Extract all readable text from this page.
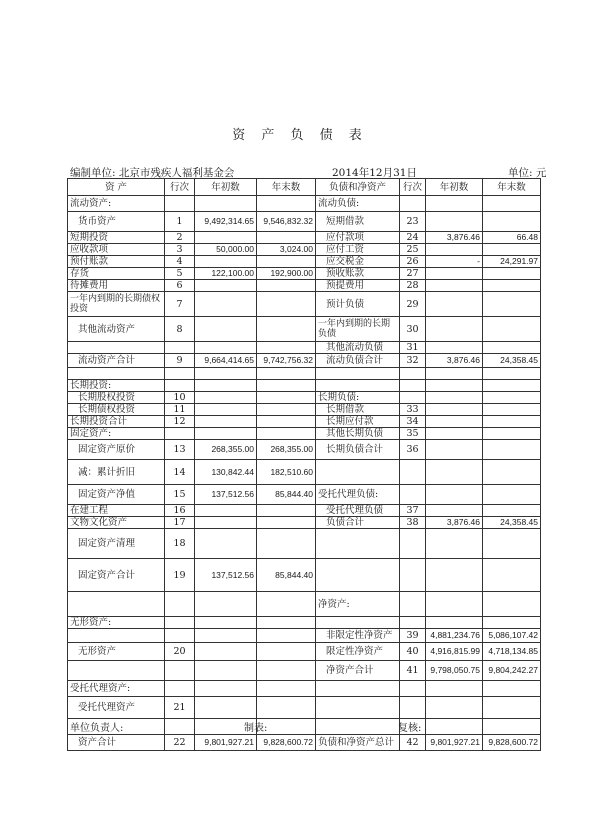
资 产 负 债 表
编制单位: 北京市残疾人福利基金会	2014年12月31日	单位: 元
资 产	行次	年初数	年末数	负债和净资产	行次	年初数	年末数
流动资产:				流动负债:			
货币资产	1	9,492,314.65	9,546,832.32	短期借款	23		
短期投资	2			应付款项	24	3,876.46	66.48
应收款项	3	50,000.00	3,024.00	应付工资	25		
预付账款	4			应交税金	26	-	24,291.97
存货	5	122,100.00	192,900.00	预收账款	27		
待摊费用	6			预提费用	28		
一年内到期的长期债权投资	7			预计负债	29		
其他流动资产	8			一年内到期的长期负债	30		
				其他流动负债	31		
流动资产合计	9	9,664,414.65	9,742,756.32	流动负债合计	32	3,876.46	24,358.45

长期投资:							
长期股权投资	10			长期负债:			
长期债权投资	11			长期借款	33		
长期投资合计	12			长期应付款	34		
固定资产:				其他长期负债	35		
固定资产原价	13	268,355.00	268,355.00	长期负债合计	36		
减：累计折旧	14	130,842.44	182,510.60				
固定资产净值	15	137,512.56	85,844.40	受托代理负债:			
在建工程	16			受托代理负债	37		
文物文化资产	17			负债合计	38	3,876.46	24,358.45
固定资产清理	18						
固定资产合计	19	137,512.56	85,844.40				
				净资产:			
无形资产:							
				非限定性净资产	39	4,881,234.76	5,086,107.42
无形资产	20			限定性净资产	40	4,916,815.99	4,718,134.85
				净资产合计	41	9,798,050.75	9,804,242.27
受托代理资产:							
受托代理资产	21						

资产合计	22	9,801,927.21	9,828,600.72	负债和净资产总计	42	9,801,927.21	9,828,600.72
单位负责人:	制表:	复核:
